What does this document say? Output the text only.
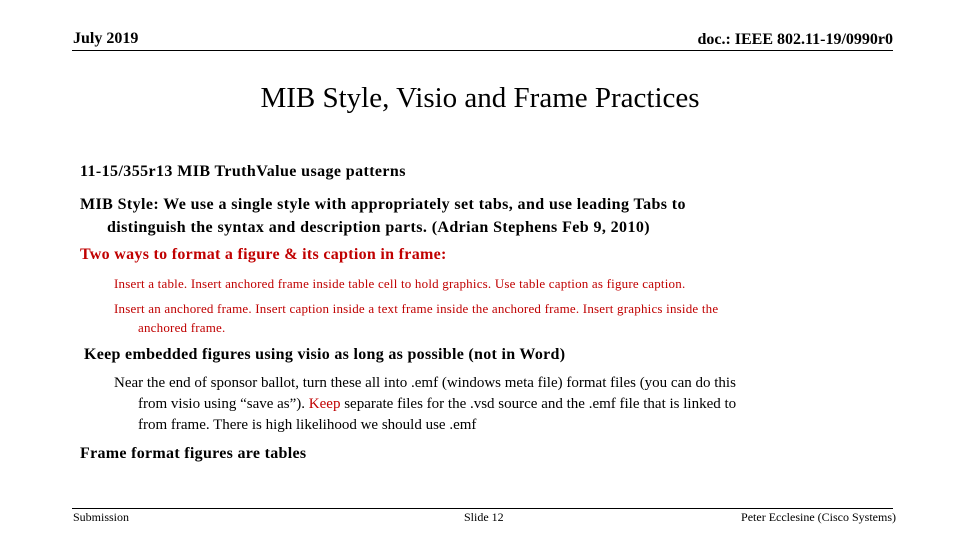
July 2019	doc.: IEEE 802.11-19/0990r0
MIB Style, Visio and Frame Practices
11-15/355r13 MIB TruthValue usage patterns
MIB Style: We use a single style with appropriately set tabs, and use leading Tabs to
distinguish the syntax and description parts. (Adrian Stephens Feb 9, 2010)
Two ways to format a figure & its caption in frame:
Insert a table. Insert anchored frame inside table cell to hold graphics. Use table caption as figure caption.
Insert an anchored frame. Insert caption inside a text frame inside the anchored frame. Insert graphics inside the
anchored frame.
Keep embedded figures using visio as long as possible (not in Word)
Near the end of sponsor ballot, turn these all into .emf (windows meta file) format files (you can do this
from visio using “save as”). Keep separate files for the .vsd source and the .emf file that is linked to
from frame. There is high likelihood we should use .emf
Frame format figures are tables
Submission	Slide 12	Peter Ecclesine (Cisco Systems)
